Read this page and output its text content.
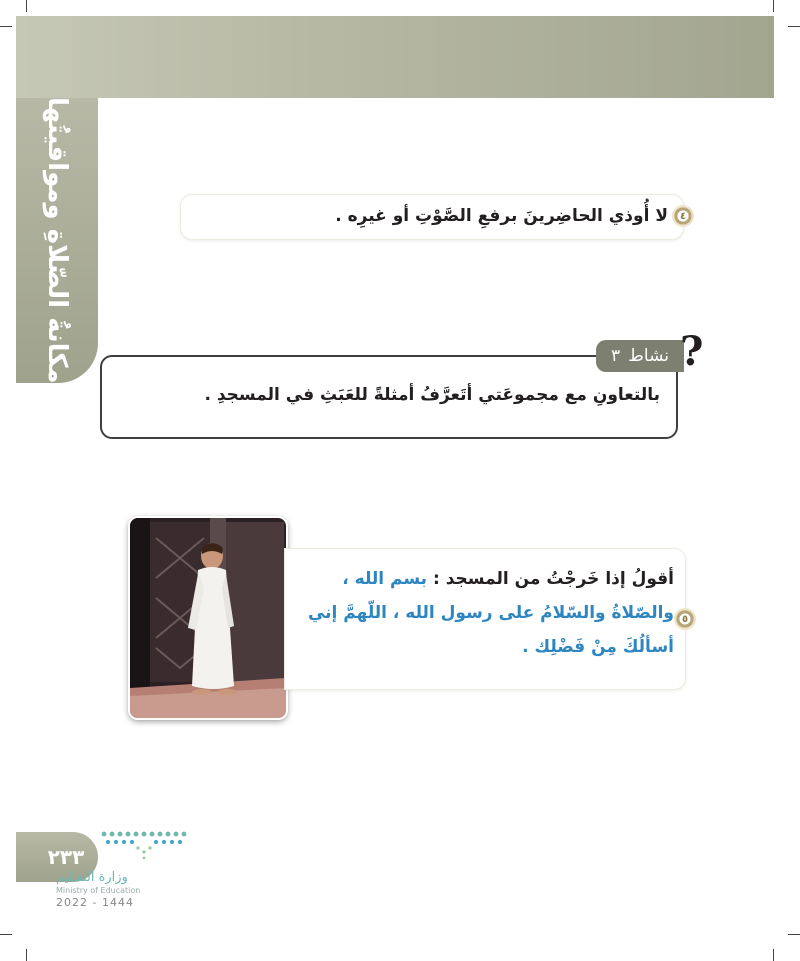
مكانةُ الصّلاةِ ومواقيتُها	لا أُوذي الحاضِرينَ برفعِ الصَّوْتِ أو غيرِه .	٤
نشاط
٣ ?
بالتعاونِ مع مجموعَتي أتَعرَّفُ أمثلةً للعَبَثِ في المسجدِ .
أقولُ إذا خَرجْتُ من المسجد : بسم الله ، والصّلاةُ والسّلامُ على رسول الله ، اللّهمَّ إني أسألُكَ مِنْ فَضْلِك .
٥
٢٣٣
وزارة التعـليم
Ministry of Education
2022 - 1444
